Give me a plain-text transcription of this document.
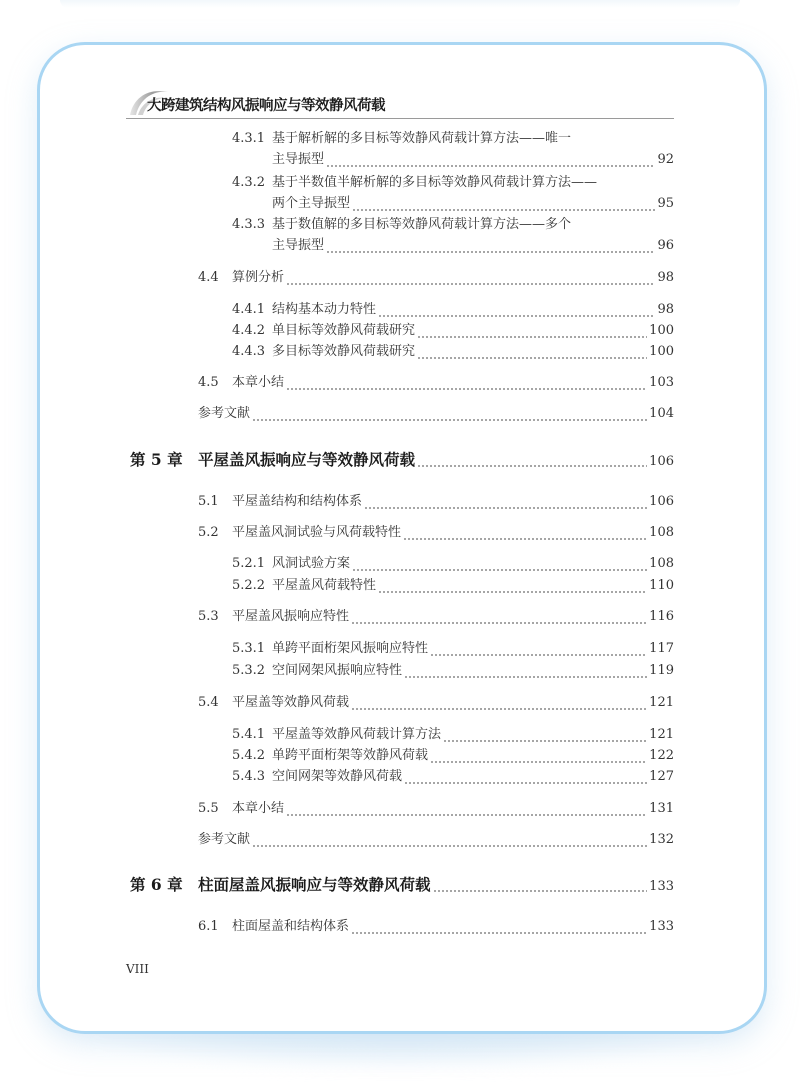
大跨建筑结构风振响应与等效静风荷载
4.3.1 基于解析解的多目标等效静风荷载计算方法——唯一
主导振型	92
4.3.2 基于半数值半解析解的多目标等效静风荷载计算方法——
两个主导振型	95
4.3.3 基于数值解的多目标等效静风荷载计算方法——多个
主导振型	96
4.4	算例分析	98
4.4.1 结构基本动力特性	98
4.4.2 单目标等效静风荷载研究	100
4.4.3 多目标等效静风荷载研究	100
4.5	本章小结	103
参考文献	104
第 5 章 平屋盖风振响应与等效静风荷载	106
5.1	平屋盖结构和结构体系	106
5.2	平屋盖风洞试验与风荷载特性	108
5.2.1 风洞试验方案	108
5.2.2 平屋盖风荷载特性	110
5.3	平屋盖风振响应特性	116
5.3.1 单跨平面桁架风振响应特性	117
5.3.2 空间网架风振响应特性	119
5.4	平屋盖等效静风荷载	121
5.4.1 平屋盖等效静风荷载计算方法	121
5.4.2 单跨平面桁架等效静风荷载	122
5.4.3 空间网架等效静风荷载	127
5.5	本章小结	131
参考文献	132
第 6 章 柱面屋盖风振响应与等效静风荷载	133
6.1	柱面屋盖和结构体系	133
VIII
